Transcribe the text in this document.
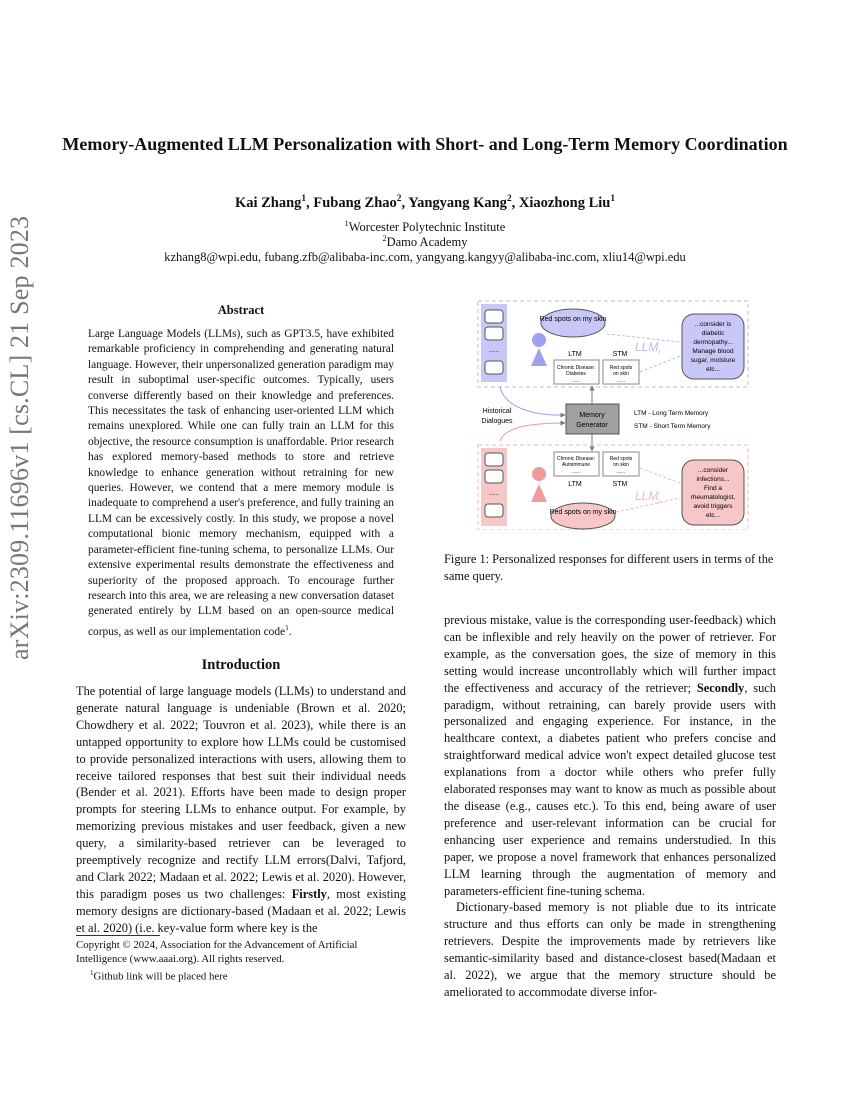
arXiv:2309.11696v1 [cs.CL] 21 Sep 2023
Memory-Augmented LLM Personalization with Short- and Long-Term Memory Coordination
Kai Zhang$^1$, Fubang Zhao$^2$, Yangyang Kang$^2$, Xiaozhong Liu$^1$
$^1$Worcester Polytechnic Institute
$^2$Damo Academy
kzhang8@wpi.edu, fubang.zfb@alibaba-inc.com, yangyang.kangyy@alibaba-inc.com, xliu14@wpi.edu
Abstract
Large Language Models (LLMs), such as GPT3.5, have exhibited remarkable proficiency in comprehending and generating natural language. However, their unpersonalized generation paradigm may result in suboptimal user-specific outcomes. Typically, users converse differently based on their knowledge and preferences. This necessitates the task of enhancing user-oriented LLM which remains unexplored. While one can fully train an LLM for this objective, the resource consumption is unaffordable. Prior research has explored memory-based methods to store and retrieve knowledge to enhance generation without retraining for new queries. However, we contend that a mere memory module is inadequate to comprehend a user's preference, and fully training an LLM can be excessively costly. In this study, we propose a novel computational bionic memory mechanism, equipped with a parameter-efficient fine-tuning schema, to personalize LLMs. Our extensive experimental results demonstrate the effectiveness and superiority of the proposed approach. To encourage further research into this area, we are releasing a new conversation dataset generated entirely by LLM based on an open-source medical corpus, as well as our implementation code$^1$.
Introduction

The potential of large language models (LLMs) to understand and generate natural language is undeniable (Brown et al. 2020; Chowdhery et al. 2022; Touvron et al. 2023), while there is an untapped opportunity to explore how LLMs could be customised to provide personalized interactions with users, allowing them to receive tailored responses that best suit their individual needs (Bender et al. 2021). Efforts have been made to design proper prompts for steering LLMs to enhance output. For example, by memorizing previous mistakes and user feedback, given a new query, a similarity-based retriever can be leveraged to preemptively recognize and rectify LLM errors(Dalvi, Tafjord, and Clark 2022; Madaan et al. 2022; Lewis et al. 2020). However, this paradigm poses us two challenges: Firstly, most existing memory designs are dictionary-based (Madaan et al. 2022; Lewis et al. 2020) (i.e. key-value form where key is the

Copyright © 2024, Association for the Advancement of Artificial Intelligence (www.aaai.org). All rights reserved.
$^1$Github link will be placed here
......
Red spots on my skin
LTM	STM
Chronic Disease:
Diabetes
......
Red spots
on skin
......
$LLM_i$
...consider is
diabetic
dermopathy...
Manage blood
sugar, moisture
etc...
Historical
Dialogues
Memory
Generator
LTM - Long Term Memory
STM - Short Term Memory
......
Chronic Disease:
Autoimmune
......
Red spots
on skin
......
LTM	STM
Red spots on my skin
$LLM_j$
...consider
infections...
Find a
rheumatologist,
avoid triggers
etc...
Figure 1: Personalized responses for different users in terms of the same query.

previous mistake, value is the corresponding user-feedback) which can be inflexible and rely heavily on the power of retriever. For example, as the conversation goes, the size of memory in this setting would increase uncontrollably which will further impact the effectiveness and accuracy of the retriever; Secondly, such paradigm, without retraining, can barely provide users with personalized and engaging experience. For instance, in the healthcare context, a diabetes patient who prefers concise and straightforward medical advice won't expect detailed glucose test explanations from a doctor while others who prefer fully elaborated responses may want to know as much as possible about the disease (e.g., causes etc.). To this end, being aware of user preference and user-relevant information can be crucial for enhancing user experience and remains understudied. In this paper, we propose a novel framework that enhances personalized LLM learning through the augmentation of memory and parameters-efficient fine-tuning schema.

Dictionary-based memory is not pliable due to its intricate structure and thus efforts can only be made in strengthening retrievers. Despite the improvements made by retrievers like semantic-similarity based and distance-closest based(Madaan et al. 2022), we argue that the memory structure should be ameliorated to accommodate diverse infor-
